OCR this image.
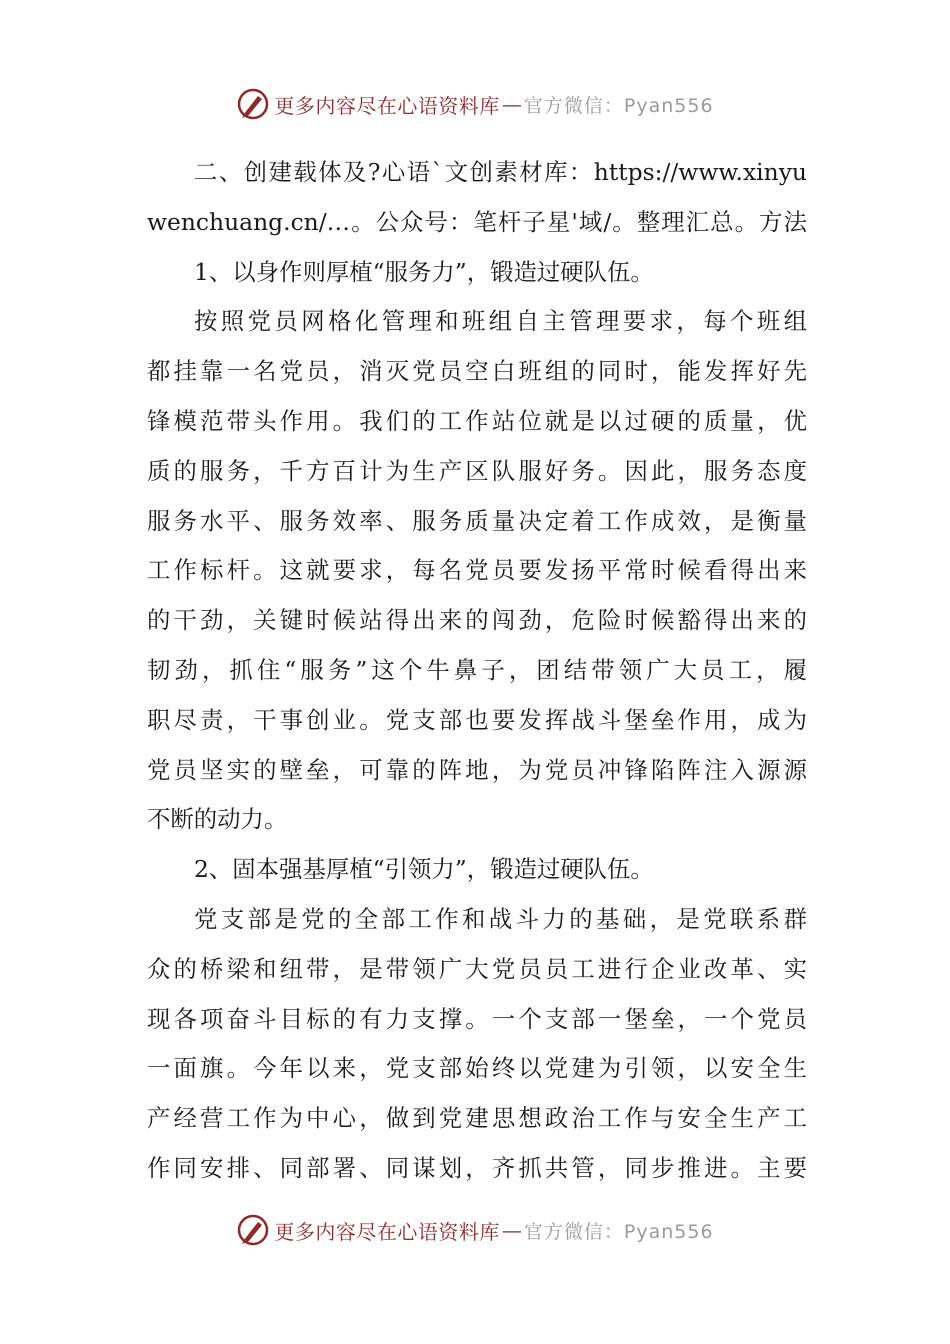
更多内容尽在心语资料库 — 官方微信：Pyan556
二、创建载体及?心语`文创素材库：https://www.xinyu
wenchuang.cn/…。公众号：笔杆子星'域/。整理汇总。方法
1、以身作则厚植“服务力”，锻造过硬队伍。
按照党员网格化管理和班组自主管理要求，每个班组
都挂靠一名党员，消灭党员空白班组的同时，能发挥好先
锋模范带头作用。我们的工作站位就是以过硬的质量，优
质的服务，千方百计为生产区队服好务。因此，服务态度
服务水平、服务效率、服务质量决定着工作成效，是衡量
工作标杆。这就要求，每名党员要发扬平常时候看得出来
的干劲，关键时候站得出来的闯劲，危险时候豁得出来的
韧劲，抓住“服务”这个牛鼻子，团结带领广大员工，履
职尽责，干事创业。党支部也要发挥战斗堡垒作用，成为
党员坚实的壁垒，可靠的阵地，为党员冲锋陷阵注入源源
不断的动力。
2、固本强基厚植“引领力”，锻造过硬队伍。
党支部是党的全部工作和战斗力的基础，是党联系群
众的桥梁和纽带，是带领广大党员员工进行企业改革、实
现各项奋斗目标的有力支撑。一个支部一堡垒，一个党员
一面旗。今年以来，党支部始终以党建为引领，以安全生
产经营工作为中心，做到党建思想政治工作与安全生产工
作同安排、同部署、同谋划，齐抓共管，同步推进。主要
更多内容尽在心语资料库 — 官方微信：Pyan556
